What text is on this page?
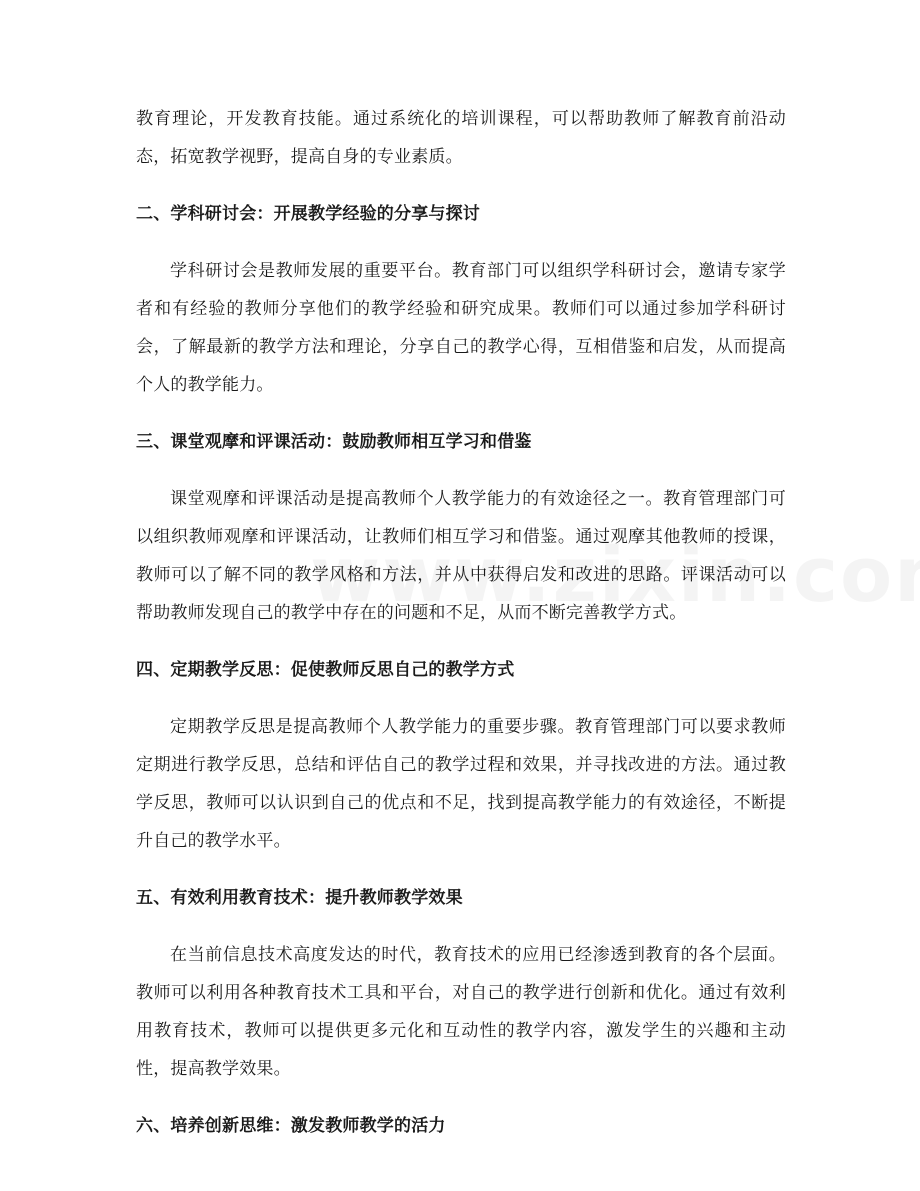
教育理论，开发教育技能。通过系统化的培训课程，可以帮助教师了解教育前沿动态，拓宽教学视野，提高自身的专业素质。

二、学科研讨会：开展教学经验的分享与探讨

学科研讨会是教师发展的重要平台。教育部门可以组织学科研讨会，邀请专家学者和有经验的教师分享他们的教学经验和研究成果。教师们可以通过参加学科研讨会，了解最新的教学方法和理论，分享自己的教学心得，互相借鉴和启发，从而提高个人的教学能力。

三、课堂观摩和评课活动：鼓励教师相互学习和借鉴

课堂观摩和评课活动是提高教师个人教学能力的有效途径之一。教育管理部门可以组织教师观摩和评课活动，让教师们相互学习和借鉴。通过观摩其他教师的授课，教师可以了解不同的教学风格和方法，并从中获得启发和改进的思路。评课活动可以帮助教师发现自己的教学中存在的问题和不足，从而不断完善教学方式。

四、定期教学反思：促使教师反思自己的教学方式

定期教学反思是提高教师个人教学能力的重要步骤。教育管理部门可以要求教师定期进行教学反思，总结和评估自己的教学过程和效果，并寻找改进的方法。通过教学反思，教师可以认识到自己的优点和不足，找到提高教学能力的有效途径，不断提升自己的教学水平。

五、有效利用教育技术：提升教师教学效果

在当前信息技术高度发达的时代，教育技术的应用已经渗透到教育的各个层面。教师可以利用各种教育技术工具和平台，对自己的教学进行创新和优化。通过有效利用教育技术，教师可以提供更多元化和互动性的教学内容，激发学生的兴趣和主动性，提高教学效果。

六、培养创新思维：激发教师教学的活力
